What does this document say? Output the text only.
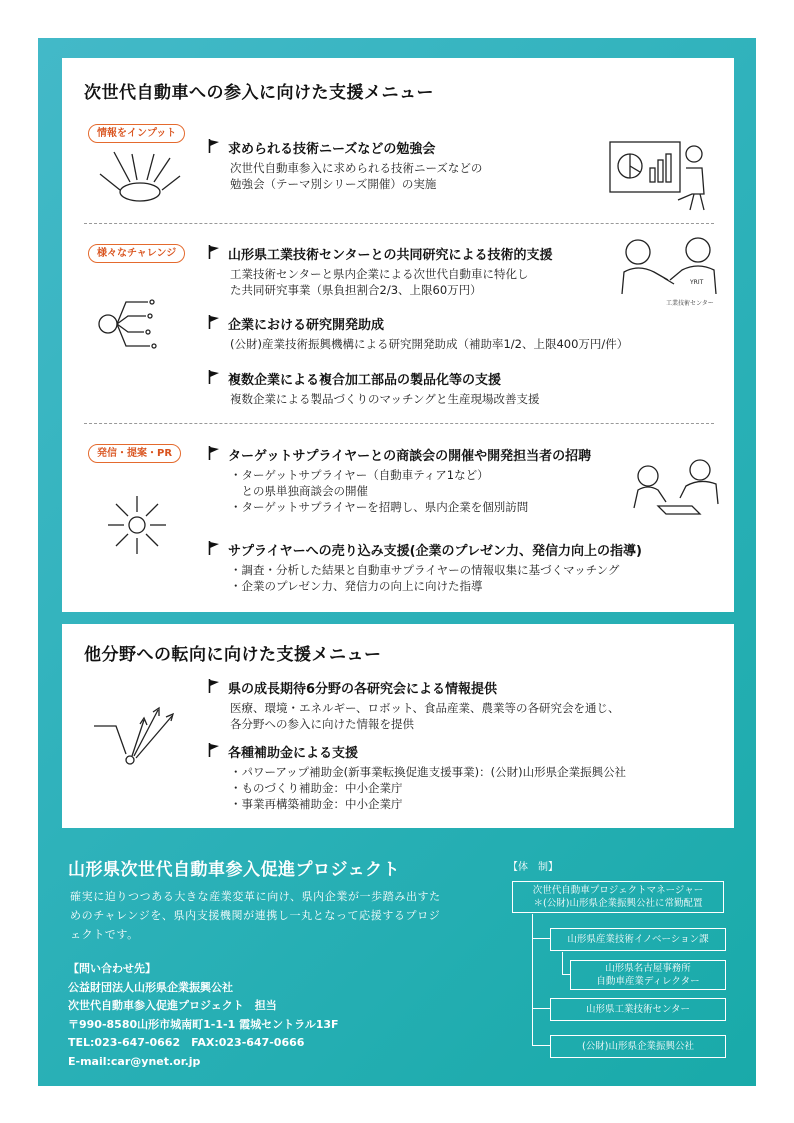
次世代自動車への参入に向けた支援メニュー
情報をインプット
求められる技術ニーズなどの勉強会
次世代自動車参入に求められる技術ニーズなどの
勉強会（テーマ別シリーズ開催）の実施
様々なチャレンジ	山形県工業技術センターとの共同研究による技術的支援
工業技術センターと県内企業による次世代自動車に特化し
た共同研究事業（県負担割合2/3、上限60万円）
YRIT
工業技術センター
企業における研究開発助成
(公財)産業技術振興機構による研究開発助成（補助率1/2、上限400万円/件）
複数企業による複合加工部品の製品化等の支援
複数企業による製品づくりのマッチングと生産現場改善支援
発信・提案・PR	ターゲットサプライヤーとの商談会の開催や開発担当者の招聘
・ターゲットサプライヤー（自動車ティア1など）
　との県単独商談会の開催
・ターゲットサプライヤーを招聘し、県内企業を個別訪問
サプライヤーへの売り込み支援(企業のプレゼン力、発信力向上の指導)
・調査・分析した結果と自動車サプライヤーの情報収集に基づくマッチング
・企業のプレゼン力、発信力の向上に向けた指導
他分野への転向に向けた支援メニュー
県の成長期待6分野の各研究会による情報提供
医療、環境・エネルギー、ロボット、食品産業、農業等の各研究会を通じ、
各分野への参入に向けた情報を提供
各種補助金による支援
・パワーアップ補助金(新事業転換促進支援事業)：(公財)山形県企業振興公社
・ものづくり補助金：中小企業庁
・事業再構築補助金：中小企業庁
山形県次世代自動車参入促進プロジェクト
確実に迫りつつある大きな産業変革に向け、県内企業が一歩踏み出すためのチャレンジを、県内支援機関が連携し一丸となって応援するプロジェクトです。
【問い合わせ先】
公益財団法人山形県企業振興公社
次世代自動車参入促進プロジェクト　担当
〒990-8580山形市城南町1-1-1 霞城セントラル13F
TEL:023-647-0662　FAX:023-647-0666
E-mail:car@ynet.or.jp
【体　制】
次世代自動車プロジェクトマネージャー
＊(公財)山形県企業振興公社に常勤配置
山形県産業技術イノベーション課
山形県名古屋事務所
自動車産業ディレクター
山形県工業技術センター
(公財)山形県企業振興公社
